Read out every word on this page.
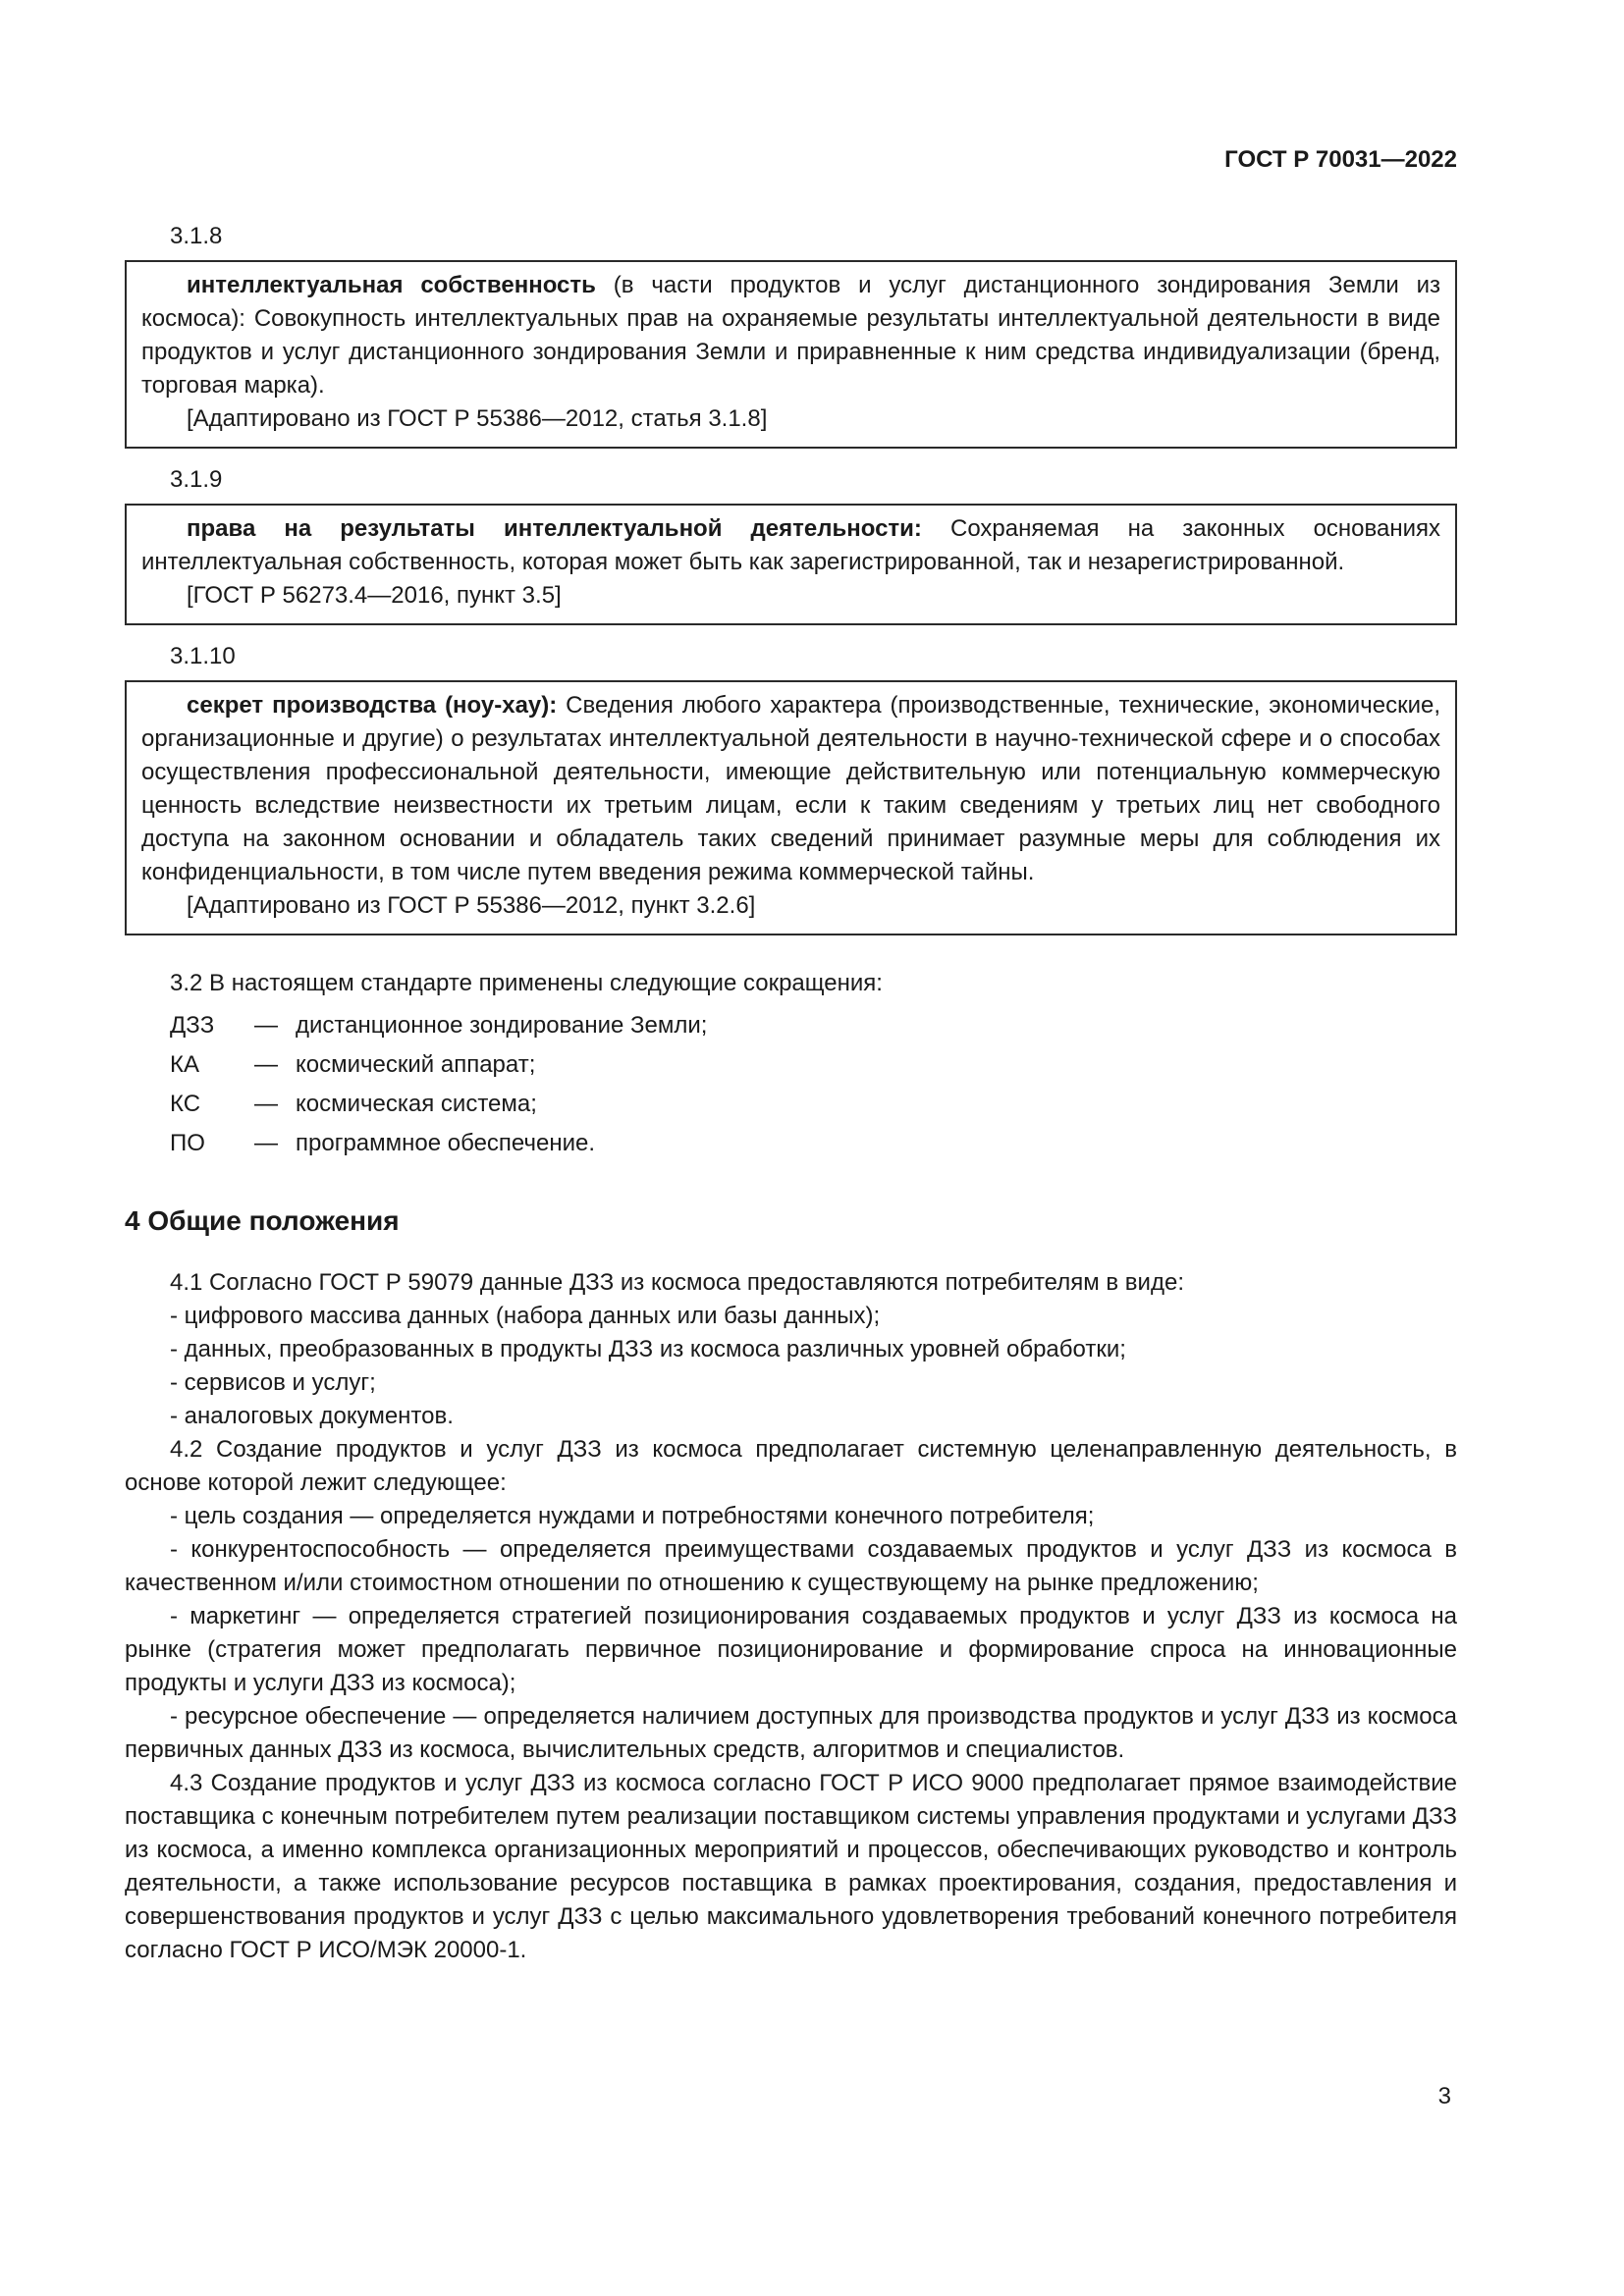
ГОСТ Р 70031—2022
3.1.8

интеллектуальная собственность (в части продуктов и услуг дистанционного зондирования Земли из космоса): Совокупность интеллектуальных прав на охраняемые результаты интеллектуальной деятельности в виде продуктов и услуг дистанционного зондирования Земли и приравненные к ним средства индивидуализации (бренд, торговая марка).

[Адаптировано из ГОСТ Р 55386—2012, статья 3.1.8]

3.1.9

права на результаты интеллектуальной деятельности: Сохраняемая на законных основаниях интеллектуальная собственность, которая может быть как зарегистрированной, так и незарегистрированной.

[ГОСТ Р 56273.4—2016, пункт 3.5]

3.1.10

секрет производства (ноу-хау): Сведения любого характера (производственные, технические, экономические, организационные и другие) о результатах интеллектуальной деятельности в научно-технической сфере и о способах осуществления профессиональной деятельности, имеющие действительную или потенциальную коммерческую ценность вследствие неизвестности их третьим лицам, если к таким сведениям у третьих лиц нет свободного доступа на законном основании и обладатель таких сведений принимает разумные меры для соблюдения их конфиденциальности, в том числе путем введения режима коммерческой тайны.

[Адаптировано из ГОСТ Р 55386—2012, пункт 3.2.6]

3.2 В настоящем стандарте применены следующие сокращения:

ДЗЗ — дистанционное зондирование Земли;
КА — космический аппарат;
КС — космическая система;
ПО — программное обеспечение.
4 Общие положения

4.1 Согласно ГОСТ Р 59079 данные ДЗЗ из космоса предоставляются потребителям в виде:

- цифрового массива данных (набора данных или базы данных);

- данных, преобразованных в продукты ДЗЗ из космоса различных уровней обработки;

- сервисов и услуг;

- аналоговых документов.

4.2 Создание продуктов и услуг ДЗЗ из космоса предполагает системную целенаправленную деятельность, в основе которой лежит следующее:

- цель создания — определяется нуждами и потребностями конечного потребителя;

- конкурентоспособность — определяется преимуществами создаваемых продуктов и услуг ДЗЗ из космоса в качественном и/или стоимостном отношении по отношению к существующему на рынке предложению;

- маркетинг — определяется стратегией позиционирования создаваемых продуктов и услуг ДЗЗ из космоса на рынке (стратегия может предполагать первичное позиционирование и формирование спроса на инновационные продукты и услуги ДЗЗ из космоса);

- ресурсное обеспечение — определяется наличием доступных для производства продуктов и услуг ДЗЗ из космоса первичных данных ДЗЗ из космоса, вычислительных средств, алгоритмов и специалистов.

4.3 Создание продуктов и услуг ДЗЗ из космоса согласно ГОСТ Р ИСО 9000 предполагает прямое взаимодействие поставщика с конечным потребителем путем реализации поставщиком системы управления продуктами и услугами ДЗЗ из космоса, а именно комплекса организационных мероприятий и процессов, обеспечивающих руководство и контроль деятельности, а также использование ресурсов поставщика в рамках проектирования, создания, предоставления и совершенствования продуктов и услуг ДЗЗ с целью максимального удовлетворения требований конечного потребителя согласно ГОСТ Р ИСО/МЭК 20000-1.

3
